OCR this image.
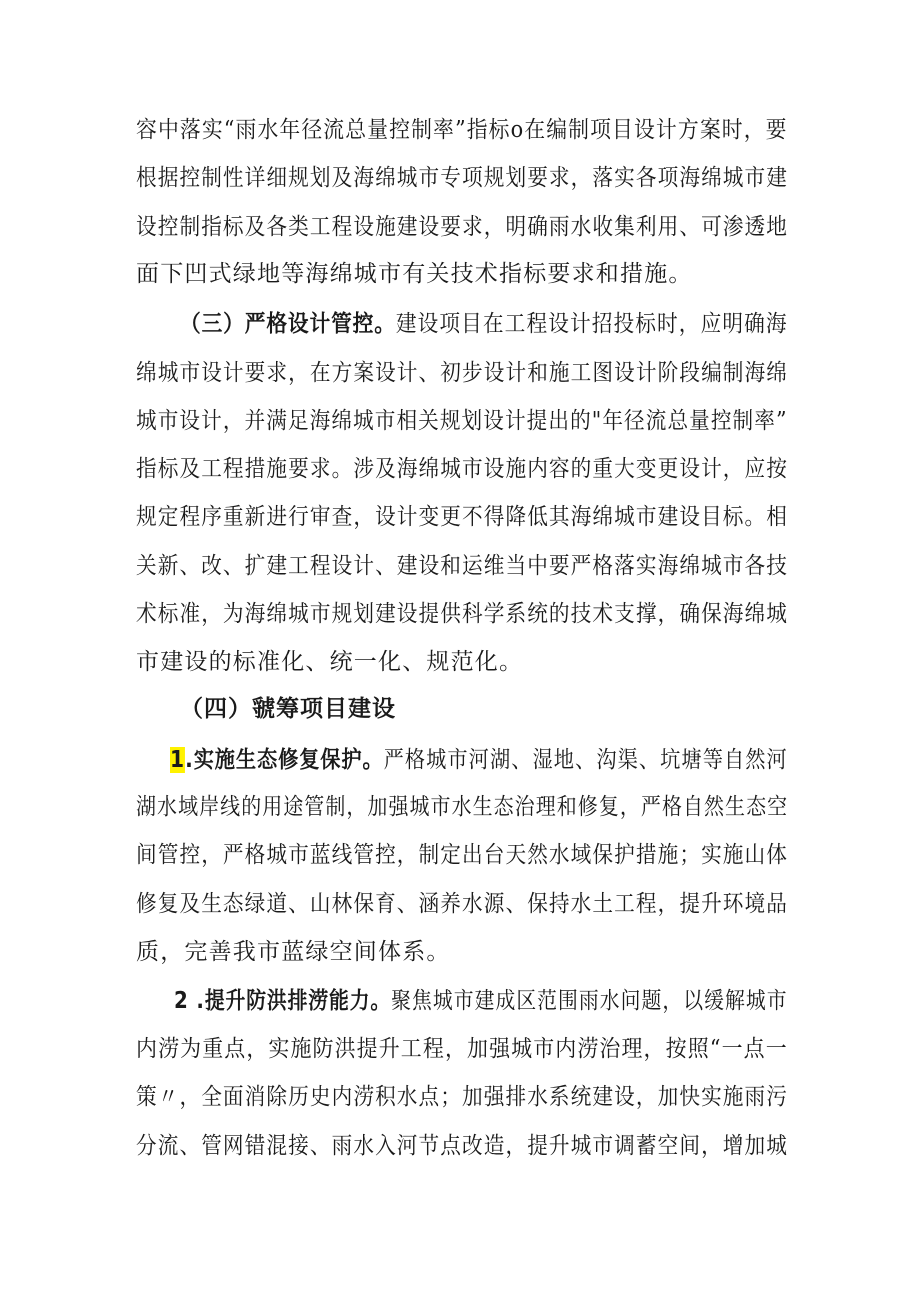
容中落实“雨水年径流总量控制率”指标o在编制项目设计方案时，要
根据控制性详细规划及海绵城市专项规划要求，落实各项海绵城市建
设控制指标及各类工程设施建设要求，明确雨水收集利用、可渗透地
面下凹式绿地等海绵城市有关技术指标要求和措施。
（三）严格设计管控。建设项目在工程设计招投标时，应明确海
绵城市设计要求，在方案设计、初步设计和施工图设计阶段编制海绵
城市设计，并满足海绵城市相关规划设计提出的"年径流总量控制率”
指标及工程措施要求。涉及海绵城市设施内容的重大变更设计，应按
规定程序重新进行审查，设计变更不得降低其海绵城市建设目标。相
关新、改、扩建工程设计、建设和运维当中要严格落实海绵城市各技
术标准，为海绵城市规划建设提供科学系统的技术支撑，确保海绵城
市建设的标准化、统一化、规范化。
（四）虢筹项目建设
1.实施生态修复保护。严格城市河湖、湿地、沟渠、坑塘等自然河
湖水域岸线的用途管制，加强城市水生态治理和修复，严格自然生态空
间管控，严格城市蓝线管控，制定出台天然水域保护措施；实施山体
修复及生态绿道、山林保育、涵养水源、保持水土工程，提升环境品
质，完善我市蓝绿空间体系。
2 .提升防洪排涝能力。聚焦城市建成区范围雨水问题，以缓解城市
内涝为重点，实施防洪提升工程，加强城市内涝治理，按照“一点一
策〃，全面消除历史内涝积水点；加强排水系统建设，加快实施雨污
分流、管网错混接、雨水入河节点改造，提升城市调蓄空间，增加城
